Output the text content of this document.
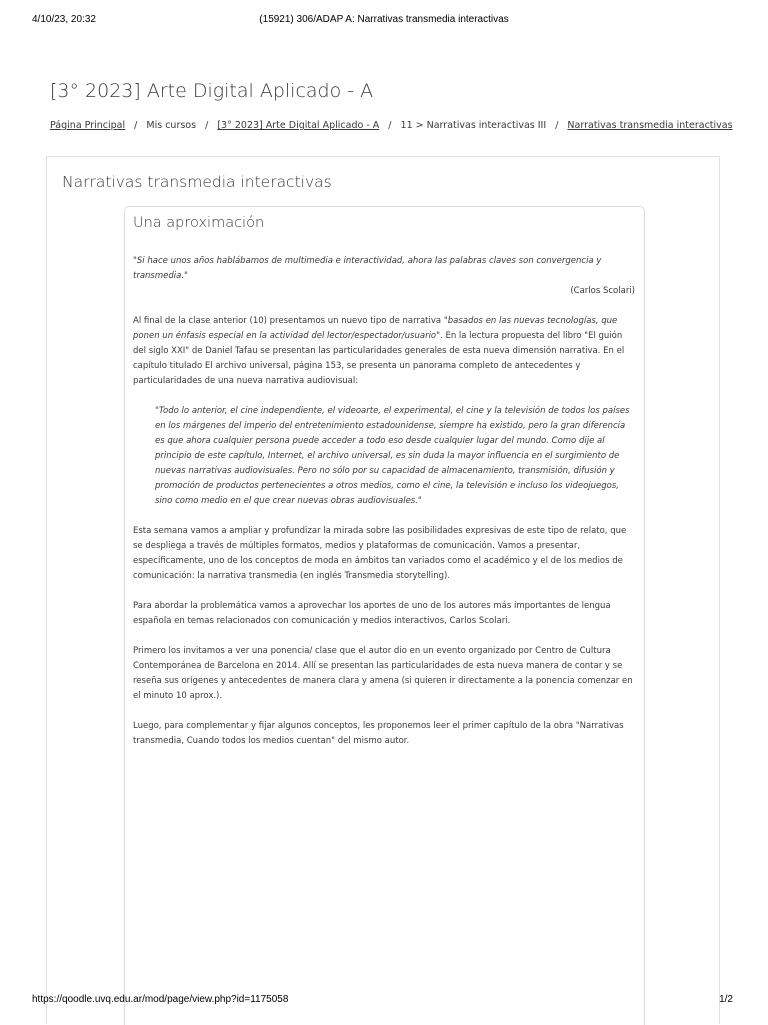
4/10/23, 20:32	(15921) 306/ADAP A: Narrativas transmedia interactivas
[3° 2023] Arte Digital Aplicado - A
Página Principal / Mis cursos / [3° 2023] Arte Digital Aplicado - A / 11 > Narrativas interactivas III / Narrativas transmedia interactivas
Narrativas transmedia interactivas
Una aproximación

"Si hace unos años hablábamos de multimedia e interactividad, ahora las palabras claves son convergencia y transmedia."

(Carlos Scolari)

Al final de la clase anterior (10) presentamos un nuevo tipo de narrativa "basados en las nuevas tecnologías, que ponen un énfasis especial en la actividad del lector/espectador/usuario". En la lectura propuesta del libro "El guión del siglo XXI" de Daniel Tafau se presentan las particularidades generales de esta nueva dimensión narrativa. En el capítulo titulado El archivo universal, página 153, se presenta un panorama completo de antecedentes y particularidades de una nueva narrativa audiovisual:

"Todo lo anterior, el cine independiente, el videoarte, el experimental, el cine y la televisión de todos los países en los márgenes del imperio del entretenimiento estadounidense, siempre ha existido, pero la gran diferencia es que ahora cualquier persona puede acceder a todo eso desde cualquier lugar del mundo. Como dije al principio de este capítulo, Internet, el archivo universal, es sin duda la mayor influencia en el surgimiento de nuevas narrativas audiovisuales. Pero no sólo por su capacidad de almacenamiento, transmisión, difusión y promoción de productos pertenecientes a otros medios, como el cine, la televisión e incluso los videojuegos, sino como medio en el que crear nuevas obras audiovisuales."

Esta semana vamos a ampliar y profundizar la mirada sobre las posibilidades expresivas de este tipo de relato, que se despliega a través de múltiples formatos, medios y plataformas de comunicación. Vamos a presentar, específicamente, uno de los conceptos de moda en ámbitos tan variados como el académico y el de los medios de comunicación: la narrativa transmedia (en inglés Transmedia storytelling).

Para abordar la problemática vamos a aprovechar los aportes de uno de los autores más importantes de lengua española en temas relacionados con comunicación y medios interactivos, Carlos Scolari.

Primero los invitamos a ver una ponencia/ clase que el autor dio en un evento organizado por Centro de Cultura Contemporánea de Barcelona en 2014. Allí se presentan las particularidades de esta nueva manera de contar y se reseña sus orígenes y antecedentes de manera clara y amena (si quieren ir directamente a la ponencia comenzar en el minuto 10 aprox.).

Luego, para complementar y fijar algunos conceptos, les proponemos leer el primer capítulo de la obra "Narrativas transmedia, Cuando todos los medios cuentan" del mismo autor.

https://qoodle.uvq.edu.ar/mod/page/view.php?id=1175058	1/2
